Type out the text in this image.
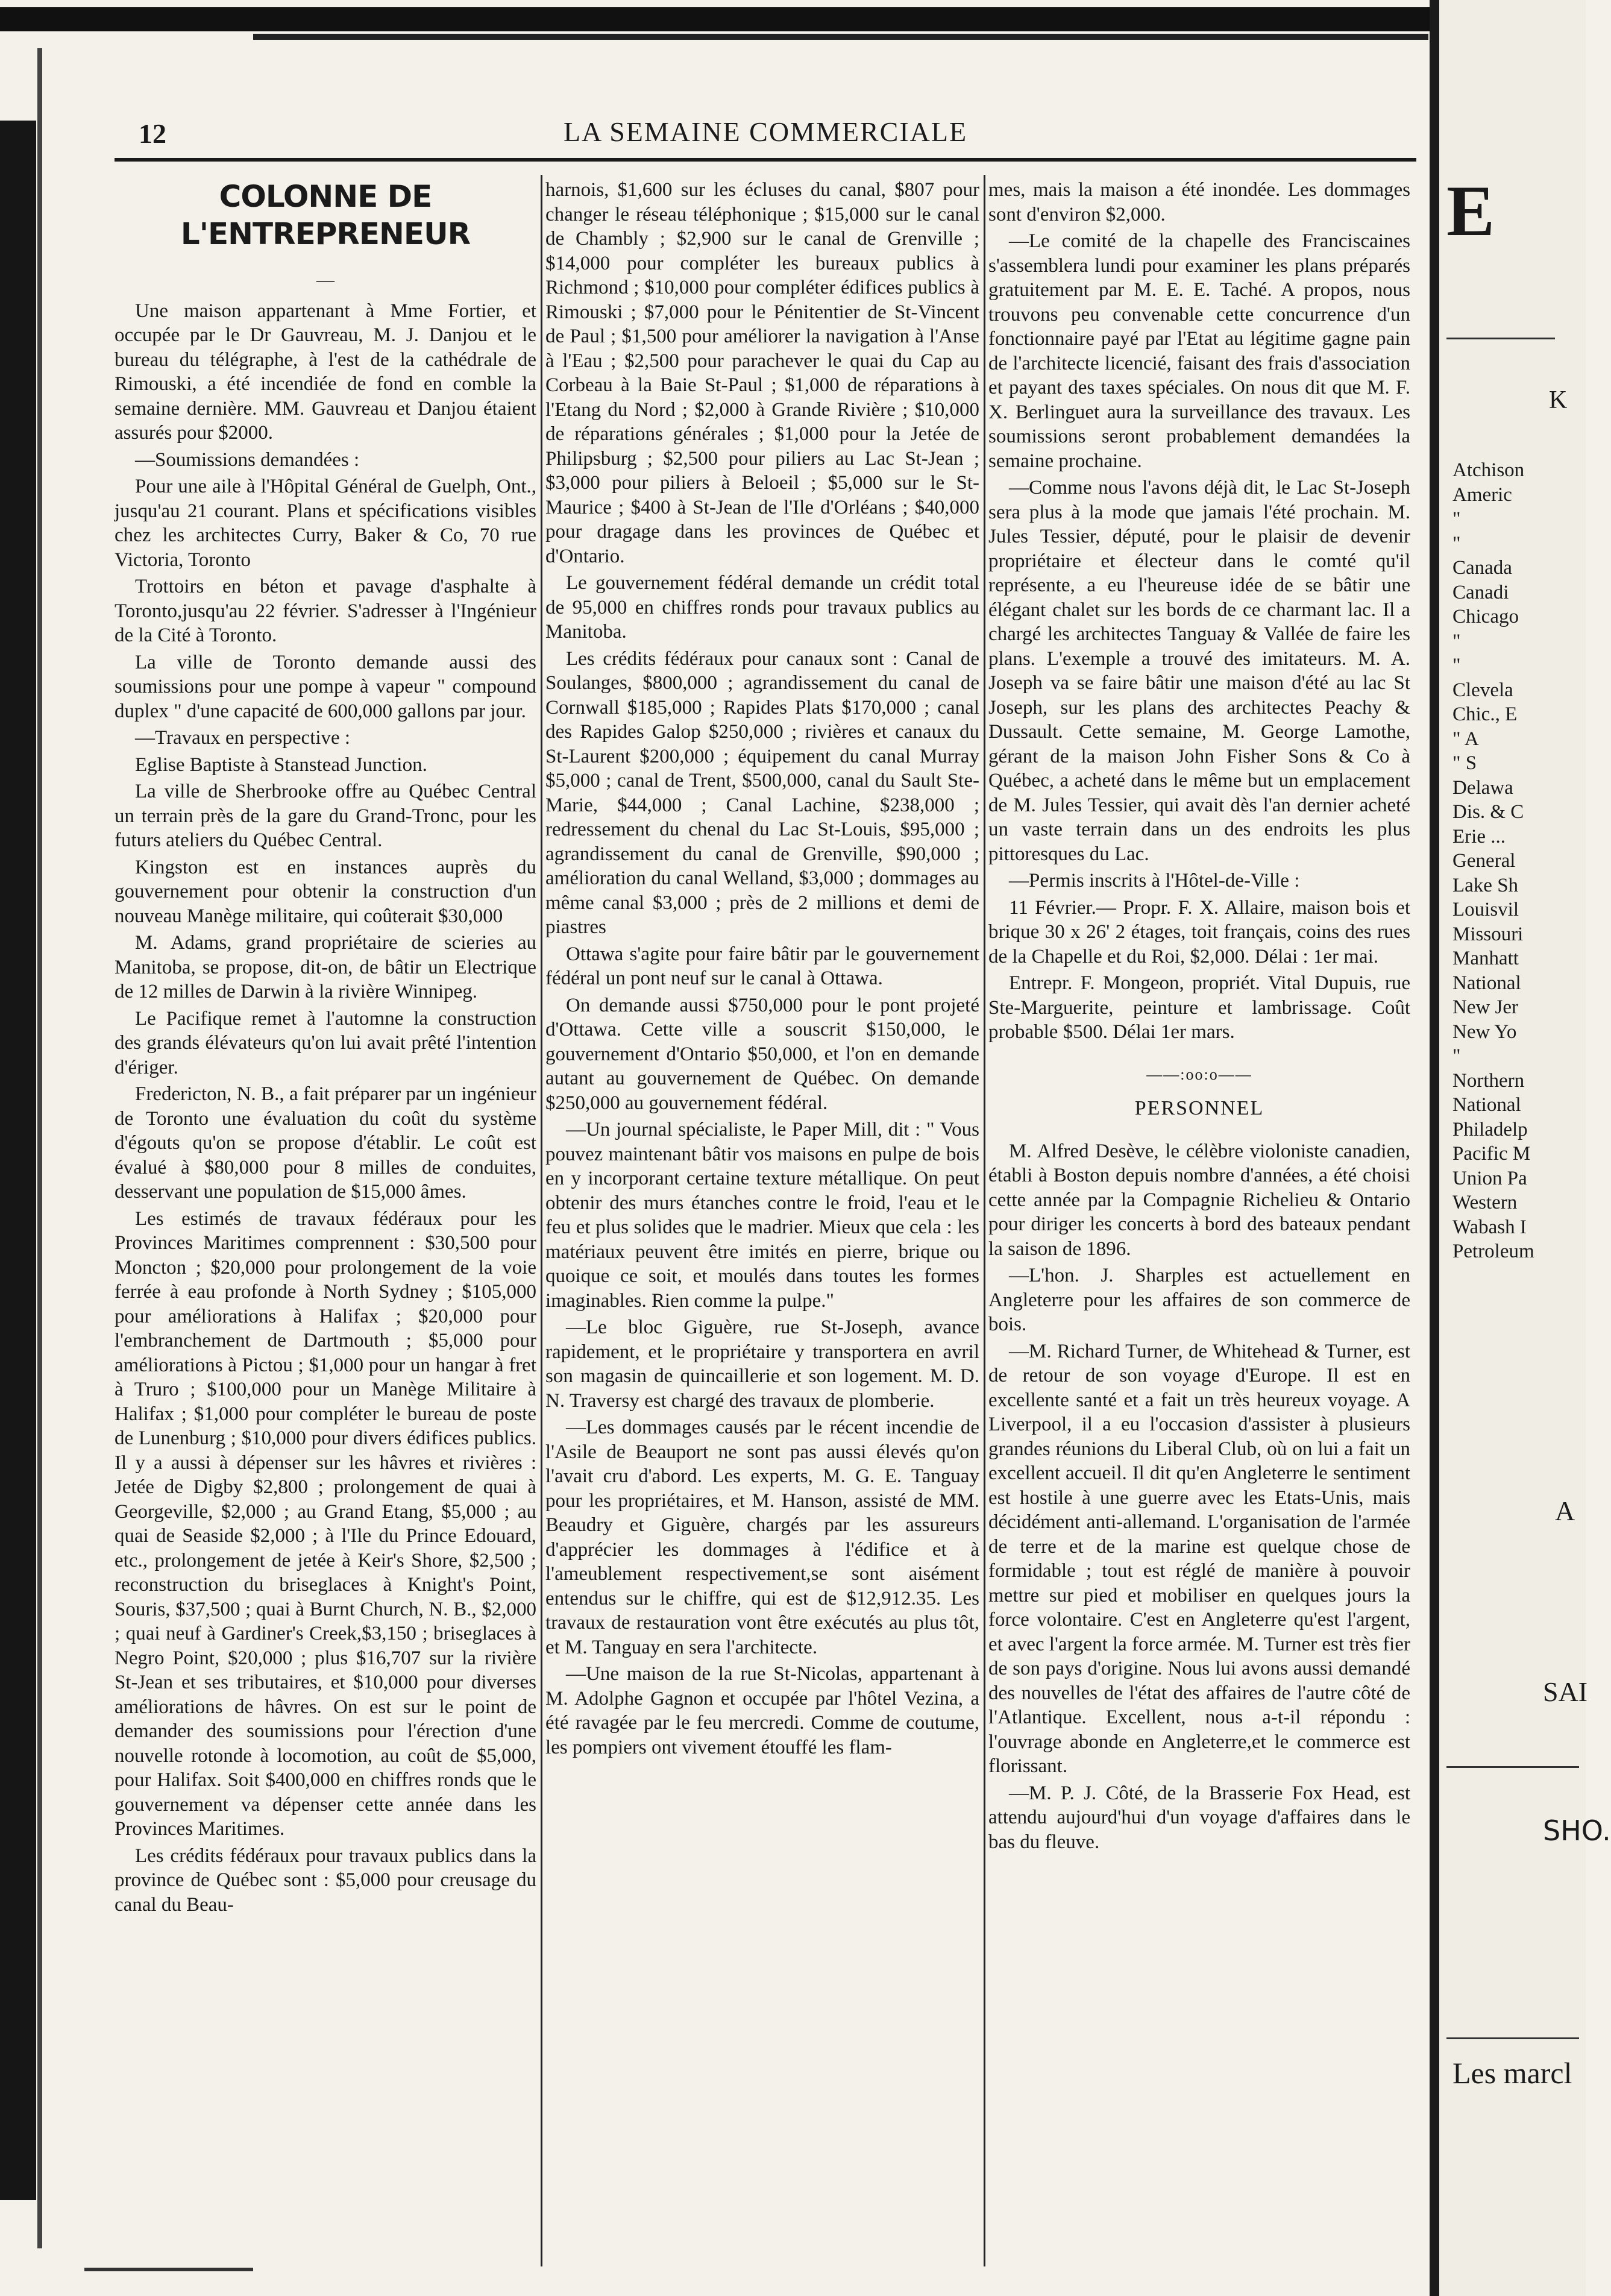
12	LA SEMAINE COMMERCIALE
COLONNE DE L'ENTREPRENEUR
—

Une maison appartenant à Mme Fortier, et occupée par le Dr Gauvreau, M. J. Danjou et le bureau du télégraphe, à l'est de la cathédrale de Rimouski, a été incendiée de fond en comble la semaine dernière. MM. Gauvreau et Danjou étaient assurés pour $2000.

—Soumissions demandées :

Pour une aile à l'Hôpital Général de Guelph, Ont., jusqu'au 21 courant. Plans et spécifications visibles chez les architectes Curry, Baker & Co, 70 rue Victoria, Toronto

Trottoirs en béton et pavage d'asphalte à Toronto,jusqu'au 22 février. S'adresser à l'Ingénieur de la Cité à Toronto.

La ville de Toronto demande aussi des soumissions pour une pompe à vapeur " compound duplex " d'une capacité de 600,000 gallons par jour.

—Travaux en perspective :

Eglise Baptiste à Stanstead Junction.

La ville de Sherbrooke offre au Québec Central un terrain près de la gare du Grand-Tronc, pour les futurs ateliers du Québec Central.

Kingston est en instances auprès du gouvernement pour obtenir la construction d'un nouveau Manège militaire, qui coûterait $30,000

M. Adams, grand propriétaire de scieries au Manitoba, se propose, dit-on, de bâtir un Electrique de 12 milles de Darwin à la rivière Winnipeg.

Le Pacifique remet à l'automne la construction des grands élévateurs qu'on lui avait prêté l'intention d'ériger.

Fredericton, N. B., a fait préparer par un ingénieur de Toronto une évaluation du coût du système d'égouts qu'on se propose d'établir. Le coût est évalué à $80,000 pour 8 milles de conduites, desservant une population de $15,000 âmes.

Les estimés de travaux fédéraux pour les Provinces Maritimes comprennent : $30,500 pour Moncton ; $20,000 pour prolongement de la voie ferrée à eau profonde à North Sydney ; $105,000 pour améliorations à Halifax ; $20,000 pour l'embranchement de Dartmouth ; $5,000 pour améliorations à Pictou ; $1,000 pour un hangar à fret à Truro ; $100,000 pour un Manège Militaire à Halifax ; $1,000 pour compléter le bureau de poste de Lunenburg ; $10,000 pour divers édifices publics. Il y a aussi à dépenser sur les hâvres et rivières : Jetée de Digby $2,800 ; prolongement de quai à Georgeville, $2,000 ; au Grand Etang, $5,000 ; au quai de Seaside $2,000 ; à l'Ile du Prince Edouard, etc., prolongement de jetée à Keir's Shore, $2,500 ; reconstruction du briseglaces à Knight's Point, Souris, $37,500 ; quai à Burnt Church, N. B., $2,000 ; quai neuf à Gardiner's Creek,$3,150 ; briseglaces à Negro Point, $20,000 ; plus $16,707 sur la rivière St-Jean et ses tributaires, et $10,000 pour diverses améliorations de hâvres. On est sur le point de demander des soumissions pour l'érection d'une nouvelle rotonde à locomotion, au coût de $5,000, pour Halifax. Soit $400,000 en chiffres ronds que le gouvernement va dépenser cette année dans les Provinces Maritimes.

Les crédits fédéraux pour travaux publics dans la province de Québec sont : $5,000 pour creusage du canal du Beau-

harnois, $1,600 sur les écluses du canal, $807 pour changer le réseau téléphonique ; $15,000 sur le canal de Chambly ; $2,900 sur le canal de Grenville ; $14,000 pour compléter les bureaux publics à Richmond ; $10,000 pour compléter édifices publics à Rimouski ; $7,000 pour le Pénitentier de St-Vincent de Paul ; $1,500 pour améliorer la navigation à l'Anse à l'Eau ; $2,500 pour parachever le quai du Cap au Corbeau à la Baie St-Paul ; $1,000 de réparations à l'Etang du Nord ; $2,000 à Grande Rivière ; $10,000 de réparations générales ; $1,000 pour la Jetée de Philipsburg ; $2,500 pour piliers au Lac St-Jean ; $3,000 pour piliers à Beloeil ; $5,000 sur le St-Maurice ; $400 à St-Jean de l'Ile d'Orléans ; $40,000 pour dragage dans les provinces de Québec et d'Ontario.

Le gouvernement fédéral demande un crédit total de 95,000 en chiffres ronds pour travaux publics au Manitoba.

Les crédits fédéraux pour canaux sont : Canal de Soulanges, $800,000 ; agrandissement du canal de Cornwall $185,000 ; Rapides Plats $170,000 ; canal des Rapides Galop $250,000 ; rivières et canaux du St-Laurent $200,000 ; équipement du canal Murray $5,000 ; canal de Trent, $500,000, canal du Sault Ste-Marie, $44,000 ; Canal Lachine, $238,000 ; redressement du chenal du Lac St-Louis, $95,000 ; agrandissement du canal de Grenville, $90,000 ; amélioration du canal Welland, $3,000 ; dommages au même canal $3,000 ; près de 2 millions et demi de piastres

Ottawa s'agite pour faire bâtir par le gouvernement fédéral un pont neuf sur le canal à Ottawa.

On demande aussi $750,000 pour le pont projeté d'Ottawa. Cette ville a souscrit $150,000, le gouvernement d'Ontario $50,000, et l'on en demande autant au gouvernement de Québec. On demande $250,000 au gouvernement fédéral.

—Un journal spécialiste, le Paper Mill, dit : " Vous pouvez maintenant bâtir vos maisons en pulpe de bois en y incorporant certaine texture métallique. On peut obtenir des murs étanches contre le froid, l'eau et le feu et plus solides que le madrier. Mieux que cela : les matériaux peuvent être imités en pierre, brique ou quoique ce soit, et moulés dans toutes les formes imaginables. Rien comme la pulpe."

—Le bloc Giguère, rue St-Joseph, avance rapidement, et le propriétaire y transportera en avril son magasin de quincaillerie et son logement. M. D. N. Traversy est chargé des travaux de plomberie.

—Les dommages causés par le récent incendie de l'Asile de Beauport ne sont pas aussi élevés qu'on l'avait cru d'abord. Les experts, M. G. E. Tanguay pour les propriétaires, et M. Hanson, assisté de MM. Beaudry et Giguère, chargés par les assureurs d'apprécier les dommages à l'édifice et à l'ameublement respectivement,se sont aisément entendus sur le chiffre, qui est de $12,912.35. Les travaux de restauration vont être exécutés au plus tôt, et M. Tanguay en sera l'architecte.

—Une maison de la rue St-Nicolas, appartenant à M. Adolphe Gagnon et occupée par l'hôtel Vezina, a été ravagée par le feu mercredi. Comme de coutume, les pompiers ont vivement étouffé les flam-

mes, mais la maison a été inondée. Les dommages sont d'environ $2,000.

—Le comité de la chapelle des Franciscaines s'assemblera lundi pour examiner les plans préparés gratuitement par M. E. E. Taché. A propos, nous trouvons peu convenable cette concurrence d'un fonctionnaire payé par l'Etat au légitime gagne pain de l'architecte licencié, faisant des frais d'association et payant des taxes spéciales. On nous dit que M. F. X. Berlinguet aura la surveillance des travaux. Les soumissions seront probablement demandées la semaine prochaine.

—Comme nous l'avons déjà dit, le Lac St-Joseph sera plus à la mode que jamais l'été prochain. M. Jules Tessier, député, pour le plaisir de devenir propriétaire et électeur dans le comté qu'il représente, a eu l'heureuse idée de se bâtir une élégant chalet sur les bords de ce charmant lac. Il a chargé les architectes Tanguay & Vallée de faire les plans. L'exemple a trouvé des imitateurs. M. A. Joseph va se faire bâtir une maison d'été au lac St Joseph, sur les plans des architectes Peachy & Dussault. Cette semaine, M. George Lamothe, gérant de la maison John Fisher Sons & Co à Québec, a acheté dans le même but un emplacement de M. Jules Tessier, qui avait dès l'an dernier acheté un vaste terrain dans un des endroits les plus pittoresques du Lac.

—Permis inscrits à l'Hôtel-de-Ville :

11 Février.— Propr. F. X. Allaire, maison bois et brique 30 x 26' 2 étages, toit français, coins des rues de la Chapelle et du Roi, $2,000. Délai : 1er mai.

Entrepr. F. Mongeon, propriét. Vital Dupuis, rue Ste-Marguerite, peinture et lambrissage. Coût probable $500. Délai 1er mars.

——:oo:o——
PERSONNEL

M. Alfred Desève, le célèbre violoniste canadien, établi à Boston depuis nombre d'années, a été choisi cette année par la Compagnie Richelieu & Ontario pour diriger les concerts à bord des bateaux pendant la saison de 1896.

—L'hon. J. Sharples est actuellement en Angleterre pour les affaires de son commerce de bois.

—M. Richard Turner, de Whitehead & Turner, est de retour de son voyage d'Europe. Il est en excellente santé et a fait un très heureux voyage. A Liverpool, il a eu l'occasion d'assister à plusieurs grandes réunions du Liberal Club, où on lui a fait un excellent accueil. Il dit qu'en Angleterre le sentiment est hostile à une guerre avec les Etats-Unis, mais décidément anti-allemand. L'organisation de l'armée de terre et de la marine est quelque chose de formidable ; tout est réglé de manière à pouvoir mettre sur pied et mobiliser en quelques jours la force volontaire. C'est en Angleterre qu'est l'argent, et avec l'argent la force armée. M. Turner est très fier de son pays d'origine. Nous lui avons aussi demandé des nouvelles de l'état des affaires de l'autre côté de l'Atlantique. Excellent, nous a-t-il répondu : l'ouvrage abonde en Angleterre,et le commerce est florissant.

—M. P. J. Côté, de la Brasserie Fox Head, est attendu aujourd'hui d'un voyage d'affaires dans le bas du fleuve.

E
K
Atchison
Americ
"
"
Canada
Canadi
Chicago
"
"
Clevela
Chic., E
" A
" S
Delawa
Dis. & C
Erie ...
General
Lake Sh
Louisvil
Missouri
Manhatt
National
New Jer
New Yo
"
Northern
National
Philadelp
Pacific M
Union Pa
Western
Wabash I
Petroleum
A
SAI
SHO.
Les marcl
